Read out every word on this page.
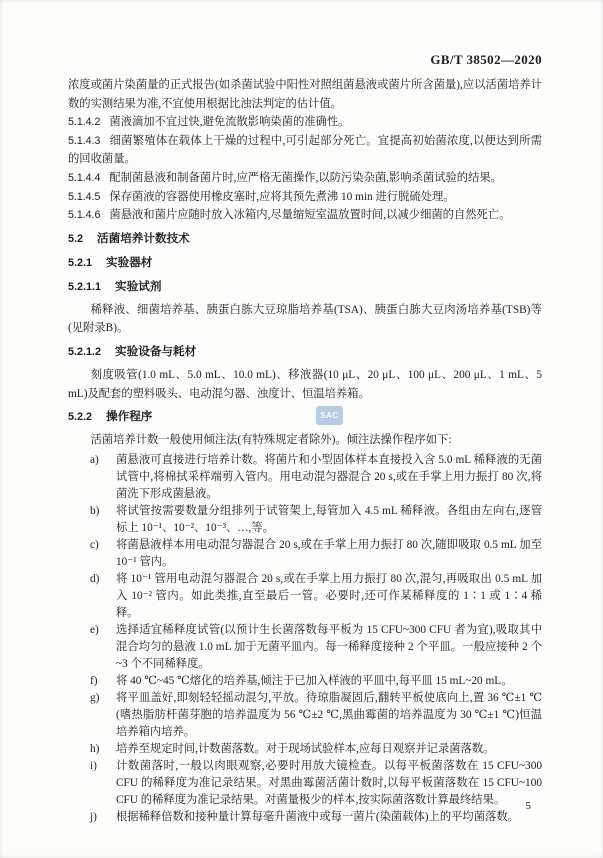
GB/T 38502—2020

浓度或菌片染菌量的正式报告(如杀菌试验中阳性对照组菌悬液或菌片所含菌量),应以活菌培养计数的实测结果为准,不宜使用根据比浊法判定的估计值。

5.1.4.2 菌液滴加不宜过快,避免流散影响染菌的准确性。

5.1.4.3 细菌繁殖体在载体上干燥的过程中,可引起部分死亡。宜提高初始菌浓度,以便达到所需的回收菌量。

5.1.4.4 配制菌悬液和制备菌片时,应严格无菌操作,以防污染杂菌,影响杀菌试验的结果。

5.1.4.5 保存菌液的容器使用橡皮塞时,应将其预先煮沸 10 min 进行脱硫处理。

5.1.4.6 菌悬液和菌片应随时放入冰箱内,尽量缩短室温放置时间,以减少细菌的自然死亡。

5.2 活菌培养计数技术

5.2.1 实验器材

5.2.1.1 实验试剂

稀释液、细菌培养基、胰蛋白胨大豆琼脂培养基(TSA)、胰蛋白胨大豆肉汤培养基(TSB)等(见附录B)。

5.2.1.2 实验设备与耗材

刻度吸管(1.0 mL、5.0 mL、10.0 mL)、移液器(10 μL、20 μL、100 μL、200 μL、1 mL、5 mL)及配套的塑料吸头、电动混匀器、浊度计、恒温培养箱。

5.2.2 操作程序

活菌培养计数一般使用倾注法(有特殊规定者除外)。倾注法操作程序如下:

a) 菌悬液可直接进行培养计数。将菌片和小型固体样本直接投入含 5.0 mL 稀释液的无菌试管中,将棉拭采样端剪入管内。用电动混匀器混合 20 s,或在手掌上用力振打 80 次,将菌洗下形成菌悬液。
b) 将试管按需要数量分组排列于试管架上,每管加入 4.5 mL 稀释液。各组由左向右,逐管标上 10⁻¹、10⁻²、10⁻³、…,等。
c) 将菌悬液样本用电动混匀器混合 20 s,或在手掌上用力振打 80 次,随即吸取 0.5 mL 加至 10⁻¹ 管内。
d) 将 10⁻¹ 管用电动混匀器混合 20 s,或在手掌上用力振打 80 次,混匀,再吸取出 0.5 mL 加入 10⁻² 管内。如此类推,直至最后一管。必要时,还可作某稀释度的 1∶1 或 1∶4 稀释。
e) 选择适宜稀释度试管(以预计生长菌落数每平板为 15 CFU~300 CFU 者为宜),吸取其中混合均匀的悬液 1.0 mL 加于无菌平皿内。每一稀释度接种 2 个平皿。一般应接种 2 个~3 个不同稀释度。
f) 将 40 ℃~45 ℃熔化的培养基,倾注于已加入样液的平皿中,每平皿 15 mL~20 mL。
g) 将平皿盖好,即刻轻轻摇动混匀,平放。待琼脂凝固后,翻转平板使底向上,置 36 ℃±1 ℃(嗜热脂肪杆菌芽胞的培养温度为 56 ℃±2 ℃,黑曲霉菌的培养温度为 30 ℃±1 ℃)恒温培养箱内培养。
h) 培养至规定时间,计数菌落数。对于现场试验样本,应每日观察并记录菌落数。
i) 计数菌落时,一般以肉眼观察,必要时用放大镜检查。以每平板菌落数在 15 CFU~300 CFU 的稀释度为准记录结果。对黑曲霉菌活菌计数时,以每平板菌落数在 15 CFU~100 CFU 的稀释度为准记录结果。对菌量极少的样本,按实际菌落数计算最终结果。
j) 根据稀释倍数和接种量计算每毫升菌液中或每一菌片(染菌载体)上的平均菌落数。
SAC
5
